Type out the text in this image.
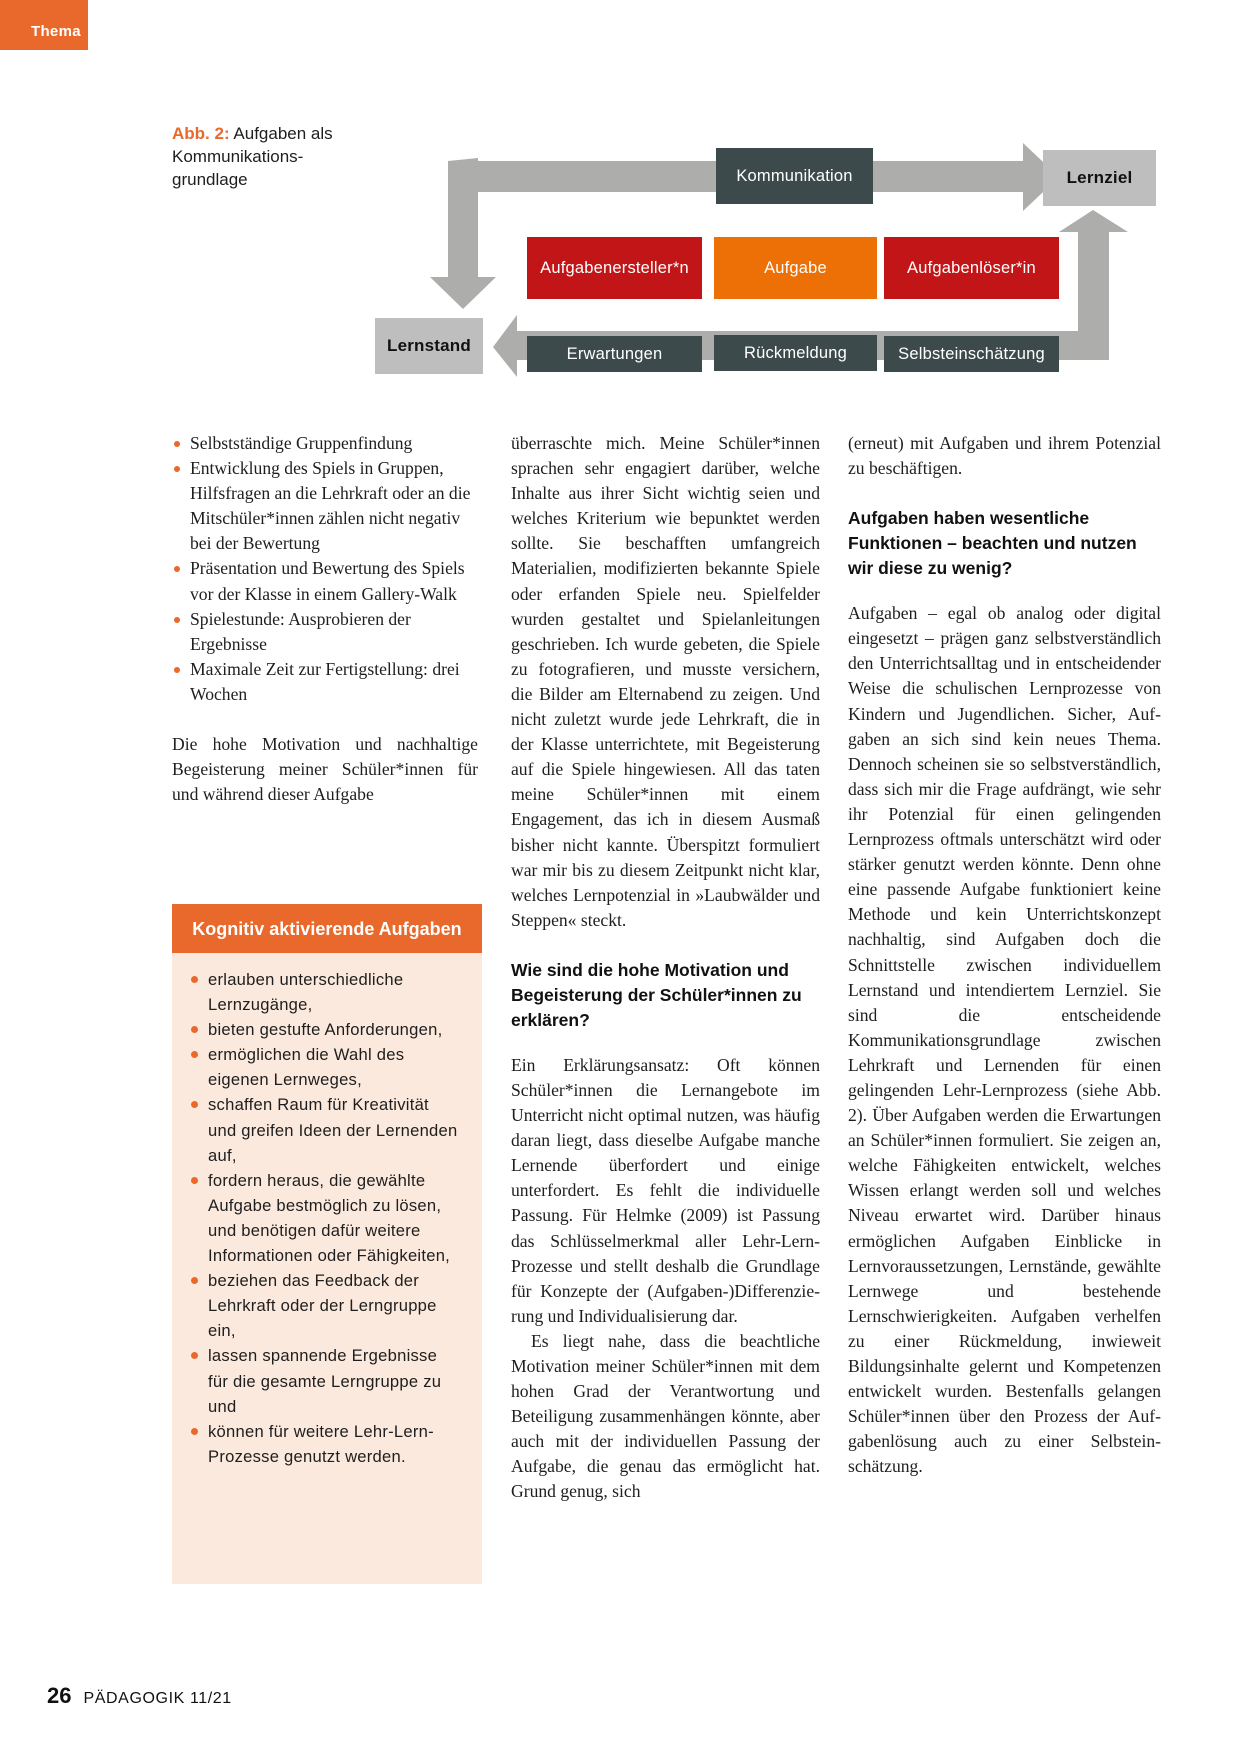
Thema
Abb. 2: Aufgaben als
Kommunikations-
grundlage	Kommunikation	Lernziel
Aufgabenersteller*n	Aufgabe	Aufgabenlöser*in
Lernstand	Erwartungen	Rückmeldung	Selbsteinschätzung
Selbstständige Gruppenfindung
Entwicklung des Spiels in Gruppen, Hilfsfragen an die Lehrkraft oder an die Mitschüler*innen zählen nicht negativ bei der Bewertung
Präsentation und Bewertung des Spiels vor der Klasse in einem Gallery-Walk
Spielestunde: Ausprobieren der Ergebnisse
Maximale Zeit zur Fertigstellung: drei Wochen

Die hohe Motivation und nachhaltige Begeisterung meiner Schüler*innen für und während dieser Aufgabe

Kognitiv aktivierende Aufgaben
erlauben unterschiedliche Lernzugänge,
bieten gestufte Anforderungen,
ermöglichen die Wahl des eigenen Lernweges,
schaffen Raum für Kreativität und greifen Ideen der Lernenden auf,
fordern heraus, die gewählte Aufgabe bestmöglich zu lösen, und benötigen dafür weitere Informationen oder Fähigkeiten,
beziehen das Feedback der Lehrkraft oder der Lerngruppe ein,
lassen spannende Ergebnisse für die gesamte Lerngruppe zu und
können für weitere Lehr-Lern-Prozesse genutzt werden.

überraschte mich. Meine Schüler*innen sprachen sehr engagiert darüber, welche Inhalte aus ihrer Sicht wichtig seien und welches Kriterium wie bepunktet werden sollte. Sie beschafften umfangreich Materialien, modifizierten bekannte Spiele oder erfanden Spiele neu. Spielfelder wurden gestaltet und Spielanleitungen geschrieben. Ich wurde gebeten, die Spiele zu fotografieren, und musste versichern, die Bilder am Elternabend zu zeigen. Und nicht zuletzt wurde jede Lehrkraft, die in der Klasse unterrichtete, mit Begeisterung auf die Spiele hingewiesen. All das taten meine Schüler*innen mit einem Engagement, das ich in diesem Ausmaß bisher nicht kannte. Überspitzt formuliert war mir bis zu diesem Zeitpunkt nicht klar, welches Lernpotenzial in »Laubwälder und Steppen« steckt.

Wie sind die hohe Motivation und Begeisterung der Schüler*innen zu erklären?

Ein Erklärungsansatz: Oft können Schüler*innen die Lernangebote im Unterricht nicht optimal nutzen, was häufig daran liegt, dass dieselbe Aufgabe manche Lernende überfordert und einige unterfordert. Es fehlt die individuelle Passung. Für Helmke (2009) ist Passung das Schlüsselmerkmal aller Lehr-Lern-Prozesse und stellt deshalb die Grundlage für Konzepte der (Aufgaben-)Differenzierung und Individualisierung dar.

Es liegt nahe, dass die beachtliche Motivation meiner Schüler*innen mit dem hohen Grad der Verantwortung und Beteiligung zusammenhängen könnte, aber auch mit der individuellen Passung der Aufgabe, die genau das ermöglicht hat. Grund genug, sich

(erneut) mit Aufgaben und ihrem Potenzial zu beschäftigen.

Aufgaben haben wesentliche Funktionen – beachten und nutzen wir diese zu wenig?

Aufgaben – egal ob analog oder digital eingesetzt – prägen ganz selbstverständlich den Unterrichtsalltag und in entscheidender Weise die schulischen Lernprozesse von Kindern und Jugendlichen. Sicher, Aufgaben an sich sind kein neues Thema. Dennoch scheinen sie so selbstverständlich, dass sich mir die Frage aufdrängt, wie sehr ihr Potenzial für einen gelingenden Lernprozess oftmals unterschätzt wird oder stärker genutzt werden könnte. Denn ohne eine passende Aufgabe funktioniert keine Methode und kein Unterrichtskonzept nachhaltig, sind Aufgaben doch die Schnittstelle zwischen individuellem Lernstand und intendiertem Lernziel. Sie sind die entscheidende Kommunikationsgrundlage zwischen Lehrkraft und Lernenden für einen gelingenden Lehr-Lernprozess (siehe Abb. 2). Über Aufgaben werden die Erwartungen an Schüler*innen formuliert. Sie zeigen an, welche Fähigkeiten entwickelt, welches Wissen erlangt werden soll und welches Niveau erwartet wird. Darüber hinaus ermöglichen Aufgaben Einblicke in Lernvoraussetzungen, Lernstände, gewählte Lernwege und bestehende Lernschwierigkeiten. Aufgaben verhelfen zu einer Rückmeldung, inwieweit Bildungsinhalte gelernt und Kompetenzen entwickelt wurden. Bestenfalls gelangen Schüler*innen über den Prozess der Aufgabenlösung auch zu einer Selbsteinschätzung.

26 PÄDAGOGIK 11/21
